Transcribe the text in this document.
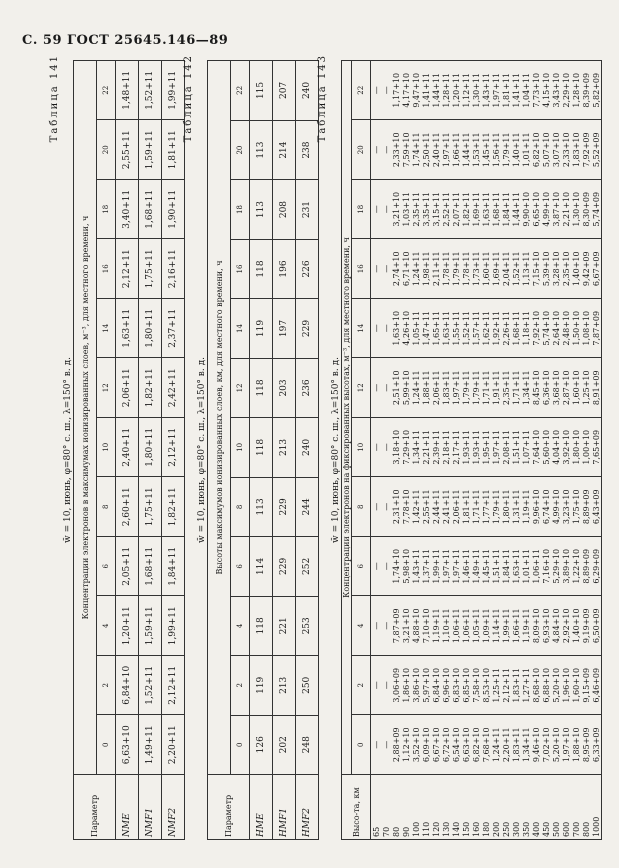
С. 59 ГОСТ 25645.146—89
Таблица 141
w̄ = 10, июнь, φ=80° с. ш., λ=150° в. д.
Параметр	Концентрации электронов в максимумах ионизированных слоев, м⁻³, для местного времени, ч											
	0	2	4	6	8	10	12	14	16	18	20	22
NME	6,63+10	6,84+10	1,20+11	2,05+11	2,60+11	2,40+11	2,06+11	1,63+11	2,12+11	3,40+11	2,55+11	1,48+11
NMF1	1,49+11	1,52+11	1,59+11	1,68+11	1,75+11	1,80+11	1,82+11	1,80+11	1,75+11	1,68+11	1,59+11	1,52+11
NMF2	2,20+11	2,12+11	1,99+11	1,84+11	1,82+11	2,12+11	2,42+11	2,37+11	2,16+11	1,90+11	1,81+11	1,99+11 Таблица 142
w̄ = 10, июнь, φ=80° с. ш., λ=150° в. д.
Параметр	Высоты максимумов ионизированных слоев, км, для местного времени, ч											
	0	2	4	6	8	10	12	14	16	18	20	22
HME	126	119	118	114	113	118	118	119	118	113	113	115
HMF1	202	213	221	229	229	213	203	197	196	208	214	207
HMF2	248	250	253	252	244	240	236	229	226	231	238	240 Таблица 143
w̄ = 10, июнь, φ=80° с. ш., λ=150° в. д.
Высо-та, км	Концентрации электронов на фиксированных высотах, м⁻³, для местного времени, ч											
	0	2	4	6	8	10	12	14	16	18	20	22
65	—	—	—	—	—	—	—	—	—	—	—	—
70	—	—	—	—	—	—	—	—	—	—	—	—
80	2,88+09	3,06+09	7,87+09	1,74+10	2,31+10	3,18+10	2,51+10	1,63+10	2,74+10	3,21+10	2,33+10	1,17+10
90	1,12+10	1,86+10	3,21+10	5,98+10	7,78+10	7,29+10	5,99+10	4,26+10	6,71+10	1,03+11	7,59+10	4,17+10
100	3,52+10	3,86+10	4,88+10	1,43+11	1,42+11	1,34+11	1,24+11	1,05+11	1,24+11	2,35+11	1,74+11	9,47+10
110	6,09+10	5,97+10	7,10+10	1,37+11	2,55+11	2,21+11	1,88+11	1,47+11	1,98+11	3,35+11	2,50+11	1,41+11
120	6,67+10	6,84+10	1,19+11	1,99+11	2,44+11	2,39+11	2,06+11	1,65+11	2,11+11	3,15+11	2,40+11	1,44+11
130	6,72+10	6,96+10	1,10+11	1,97+11	2,41+11	2,18+11	1,83+11	1,63+11	1,78+11	2,52+11	1,97+11	1,28+11
140	6,54+10	6,83+10	1,06+11	1,97+11	2,06+11	2,17+11	1,97+11	1,55+11	1,79+11	2,07+11	1,66+11	1,20+11
150	6,63+10	6,85+10	1,06+11	1,46+11	1,81+11	1,93+11	1,79+11	1,52+11	1,78+11	1,82+11	1,44+11	1,12+11
160	6,82+10	7,58+10	1,05+11	1,49+11	1,71+11	1,93+11	1,79+11	1,57+11	1,73+11	1,69+11	1,53+11	1,30+11
180	7,68+10	8,53+10	1,09+11	1,45+11	1,77+11	1,95+11	1,71+11	1,62+11	1,60+11	1,63+11	1,45+11	1,43+11
200	1,24+11	1,25+11	1,14+11	1,51+11	1,79+11	1,97+11	1,91+11	1,92+11	1,69+11	1,68+11	1,56+11	1,97+11
250	2,20+11	2,12+11	1,99+11	1,84+11	1,80+11	2,08+11	2,35+11	2,26+11	2,04+11	1,84+11	1,79+11	1,81+11
300	1,83+11	1,83+11	1,66+11	1,63+11	1,31+11	1,51+11	1,71+11	1,68+11	1,52+11	1,44+11	1,40+11	1,41+11
350	1,34+11	1,27+11	1,19+11	1,01+11	1,19+11	1,07+11	1,34+11	1,18+11	1,13+11	9,90+10	1,01+11	1,04+11
400	9,46+10	8,68+10	8,09+10	1,06+11	9,96+10	7,64+10	8,45+10	7,92+10	7,15+10	6,65+10	6,82+10	7,73+10
450	7,02+10	6,88+10	6,93+10	7,16+10	6,74+10	5,60+10	6,36+10	5,74+10	5,39+10	4,99+10	5,07+10	4,15+10
500	5,20+10	5,20+10	4,84+10	5,29+10	4,99+10	4,04+10	3,68+10	2,64+10	3,28+10	3,87+10	3,07+10	3,43+10
600	1,97+10	1,96+10	2,92+10	3,89+10	3,23+10	3,92+10	2,87+10	2,48+10	2,35+10	2,21+10	2,33+10	2,29+10
700	1,88+10	1,60+10	1,40+10	1,22+10	1,75+10	1,80+10	1,60+10	1,50+10	1,40+10	1,30+10	1,83+10	1,28+10
800	8,95+09	9,15+09	9,19+09	8,89+09	8,89+09	1,00+10	1,25+10	1,08+10	9,42+09	8,30+09	7,92+09	8,39+09
1000	6,33+09	6,46+09	6,50+09	6,29+09	6,43+09	7,65+09	8,91+09	7,87+09	6,67+09	5,74+09	5,52+09	5,82+09
